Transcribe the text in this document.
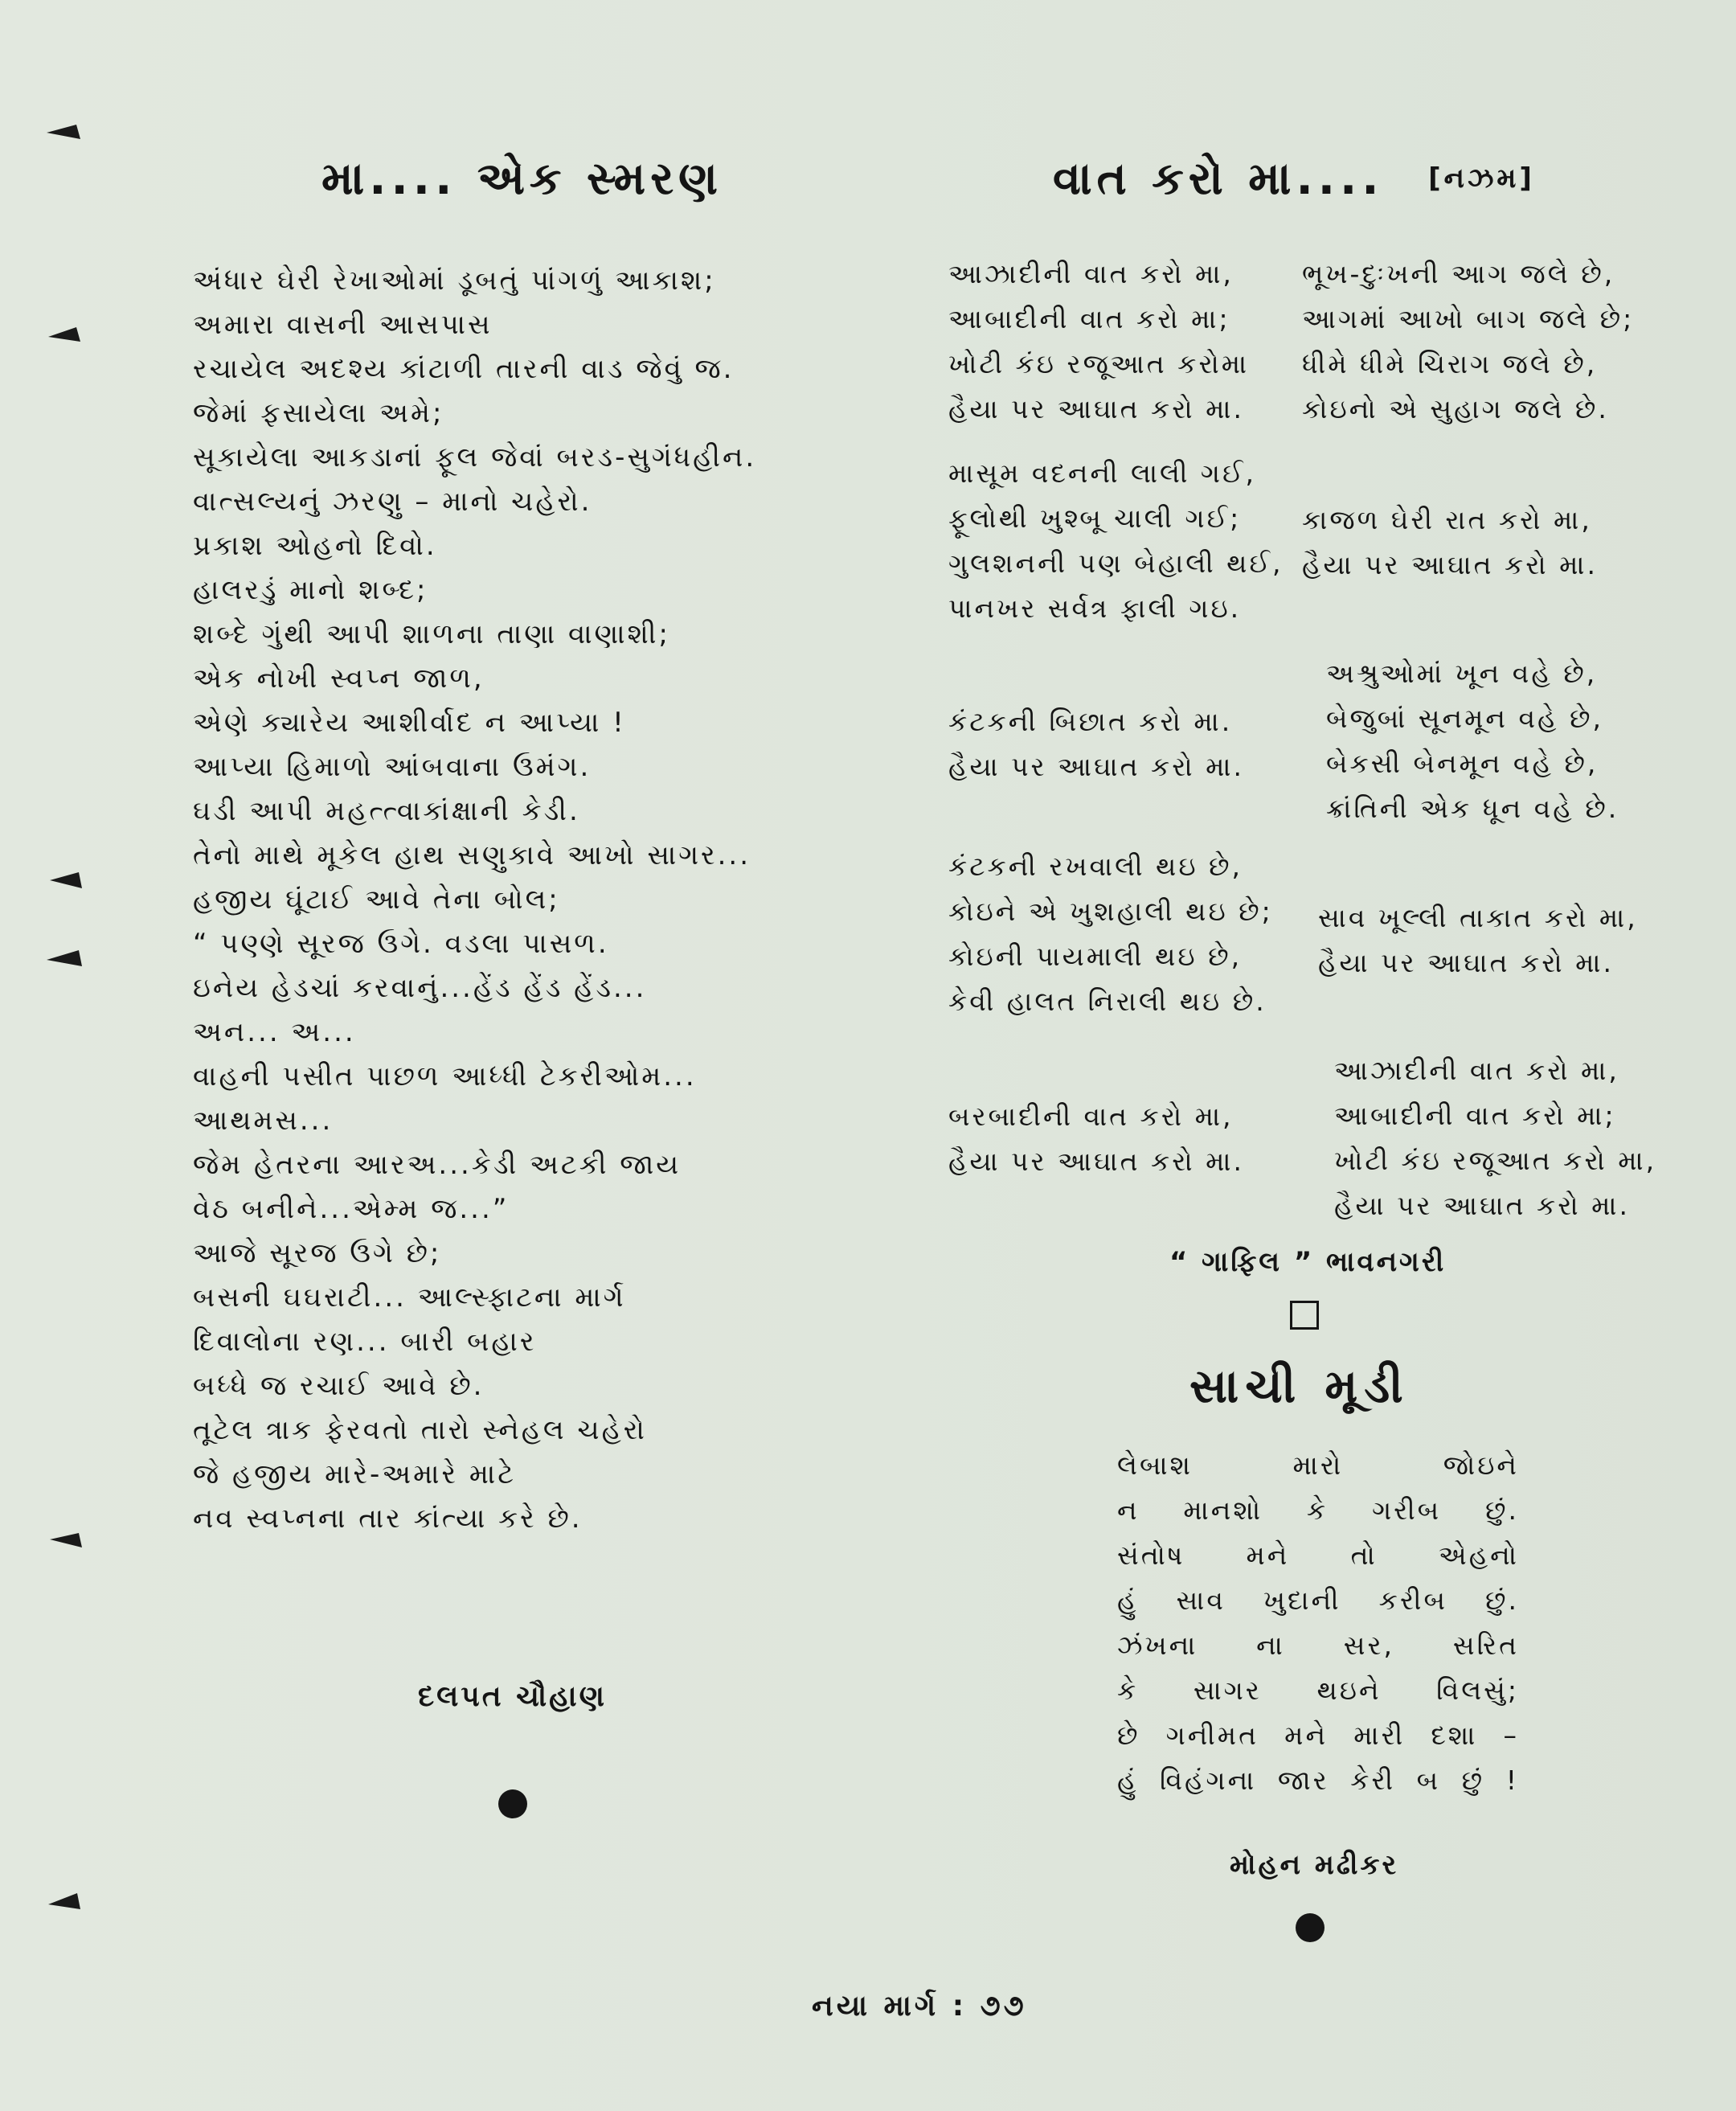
મા.... એક સ્મરણ
અંધાર ઘેરી રેખાઓમાં ડૂબતું પાંગળું આકાશ;
અમારા વાસની આસપાસ
રચાયેલ અદશ્ય કાંટાળી તારની વાડ જેવું જ.
જેમાં ફસાયેલા અમે;
સૂકાયેલા આકડાનાં ફૂલ જેવાં બરડ-સુગંધહીન.
વાત્સલ્યનું ઝરણુ – માનો ચહેરો.
પ્રકાશ ઓહનો દિવો.
હાલરડું માનો શબ્દ;
શબ્દે ગુંથી આપી શાળના તાણા વાણાશી;
એક નોખી સ્વપ્ન જાળ,
એણે ક્યારેય આશીર્વાદ ન આપ્યા !
આપ્યા હિમાળો આંબવાના ઉમંગ.
ઘડી આપી મહત્ત્વાકાંક્ષાની કેડી.
તેનો માથે મૂકેલ હાથ સણુકાવે આખો સાગર...
હજીય ઘૂંટાઈ આવે તેના બોલ;
“ પણ્ણે સૂરજ ઉગે. વડલા પાસળ.
ઇનેય હેડચાં કરવાનું...હેંડ હેંડ હેંડ...
અન... અ...
વાહની પસીત પાછળ આધ્ધી ટેકરીઓમ...
આથમસ...
જેમ હેતરના આરઅ...કેડી અટકી જાય
વેઠ બનીને...એમ્મ જ...”
આજે સૂરજ ઉગે છે;
બસની ઘઘરાટી... આલ્સ્ફાટના માર્ગ
દિવાલોના રણ... બારી બહાર
બધ્ધે જ રચાઈ આવે છે.
તૂટેલ ત્રાક ફેરવતો તારો સ્નેહલ ચહેરો
જે હજીય મારે-અમારે માટે
નવ સ્વપ્નના તાર કાંત્યા કરે છે.
દલપત ચૌહાણ
વાત કરો મા.... [નઝમ]
આઝાદીની વાત કરો મા,
આબાદીની વાત કરો મા;
ખોટી કંઇ રજૂઆત કરોમા
હૈયા પર આઘાત કરો મા.
ભૂખ-દુઃખની આગ જલે છે,
આગમાં આખો બાગ જલે છે;
ધીમે ધીમે ચિરાગ જલે છે,
કોઇનો એ સુહાગ જલે છે.
માસૂમ વદનની લાલી ગઈ,
ફૂલોથી ખુશ્બૂ ચાલી ગઈ;
ગુલશનની પણ બેહાલી થઈ,
પાનખર સર્વત્ર ફાલી ગઇ.
કાજળ ઘેરી રાત કરો મા,
હૈયા પર આઘાત કરો મા.
અશ્રુઓમાં ખૂન વહે છે,
બેજુબાં સૂનમૂન વહે છે,
બેકસી બેનમૂન વહે છે,
ક્રાંતિની એક ધૂન વહે છે.
કંટકની બિછાત કરો મા.
હૈયા પર આઘાત કરો મા.
કંટકની રખવાલી થઇ છે,
કોઇને એ ખુશહાલી થઇ છે;
કોઇની પાયમાલી થઇ છે,
કેવી હાલત નિરાલી થઇ છે.
સાવ ખૂલ્લી તાકાત કરો મા,
હૈયા પર આઘાત કરો મા.
આઝાદીની વાત કરો મા,
આબાદીની વાત કરો મા;
ખોટી કંઇ રજૂઆત કરો મા,
હૈયા પર આઘાત કરો મા.
બરબાદીની વાત કરો મા,
હૈયા પર આઘાત કરો મા.
“ ગાફિલ ” ભાવનગરી
સાચી મૂડી
લેબાશ મારો જોઇને
ન માનશો કે ગરીબ છું.
સંતોષ મને તો એહનો
હું સાવ ખુદાની કરીબ છું.
ઝંખના ના સર, સરિત
કે સાગર થઇને વિલસું;
છે ગનીમત મને મારી દશા –
હું વિહંગના જાર કેરી બ છું !
મોહન મઢીકર
નયા માર્ગ : ૭૭
